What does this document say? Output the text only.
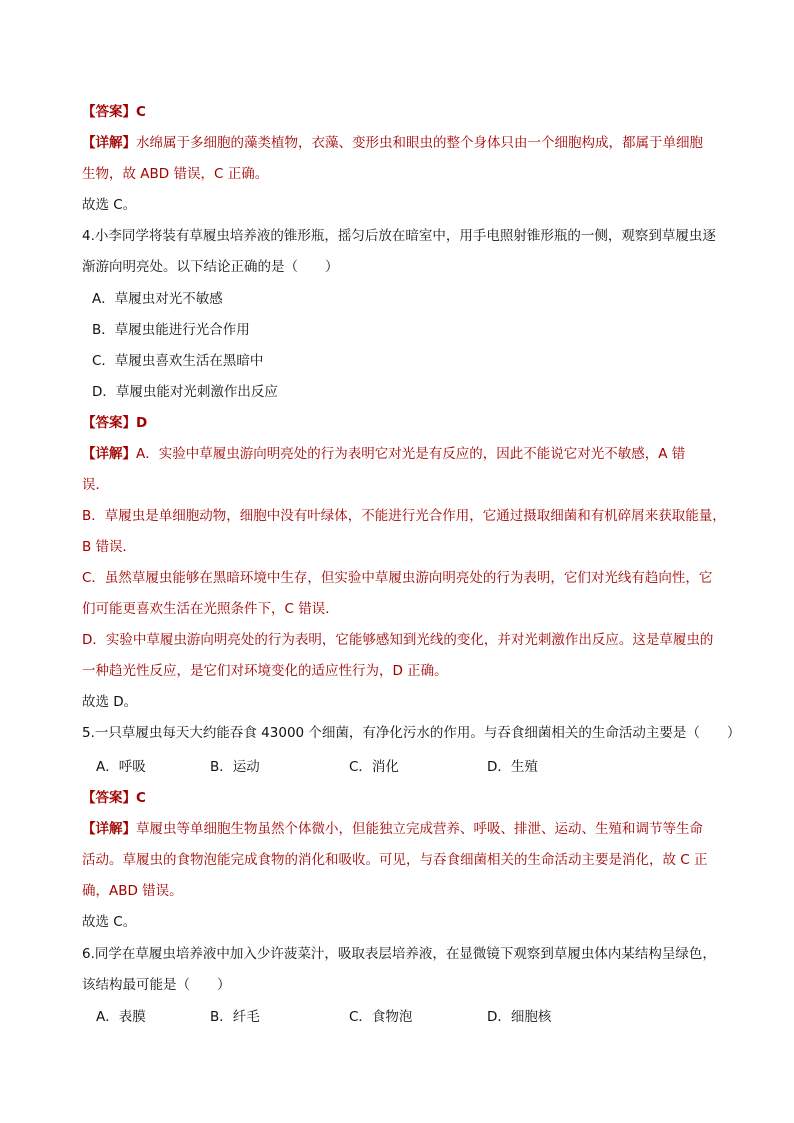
【答案】C
【详解】水绵属于多细胞的藻类植物，衣藻、变形虫和眼虫的整个身体只由一个细胞构成，都属于单细胞
生物，故 ABD 错误，C 正确。
故选 C。
4.小李同学将装有草履虫培养液的锥形瓶，摇匀后放在暗室中，用手电照射锥形瓶的一侧，观察到草履虫逐
渐游向明亮处。以下结论正确的是（　　）
A．草履虫对光不敏感
B．草履虫能进行光合作用
C．草履虫喜欢生活在黑暗中
D．草履虫能对光刺激作出反应
【答案】D
【详解】A．实验中草履虫游向明亮处的行为表明它对光是有反应的，因此不能说它对光不敏感，A 错
误．
B．草履虫是单细胞动物，细胞中没有叶绿体，不能进行光合作用，它通过摄取细菌和有机碎屑来获取能量，
B 错误．
C．虽然草履虫能够在黑暗环境中生存，但实验中草履虫游向明亮处的行为表明，它们对光线有趋向性，它
们可能更喜欢生活在光照条件下，C 错误．
D．实验中草履虫游向明亮处的行为表明，它能够感知到光线的变化，并对光刺激作出反应。这是草履虫的
一种趋光性反应，是它们对环境变化的适应性行为，D 正确。
故选 D。
5.一只草履虫每天大约能吞食 43000 个细菌，有净化污水的作用。与吞食细菌相关的生命活动主要是（　　）
A．呼吸	B．运动	C．消化	D．生殖
【答案】C
【详解】草履虫等单细胞生物虽然个体微小，但能独立完成营养、呼吸、排泄、运动、生殖和调节等生命
活动。草履虫的食物泡能完成食物的消化和吸收。可见，与吞食细菌相关的生命活动主要是消化，故 C 正
确，ABD 错误。
故选 C。
6.同学在草履虫培养液中加入少许菠菜汁，吸取表层培养液，在显微镜下观察到草履虫体内某结构呈绿色，
该结构最可能是（　　）
A．表膜	B．纤毛	C．食物泡	D．细胞核
